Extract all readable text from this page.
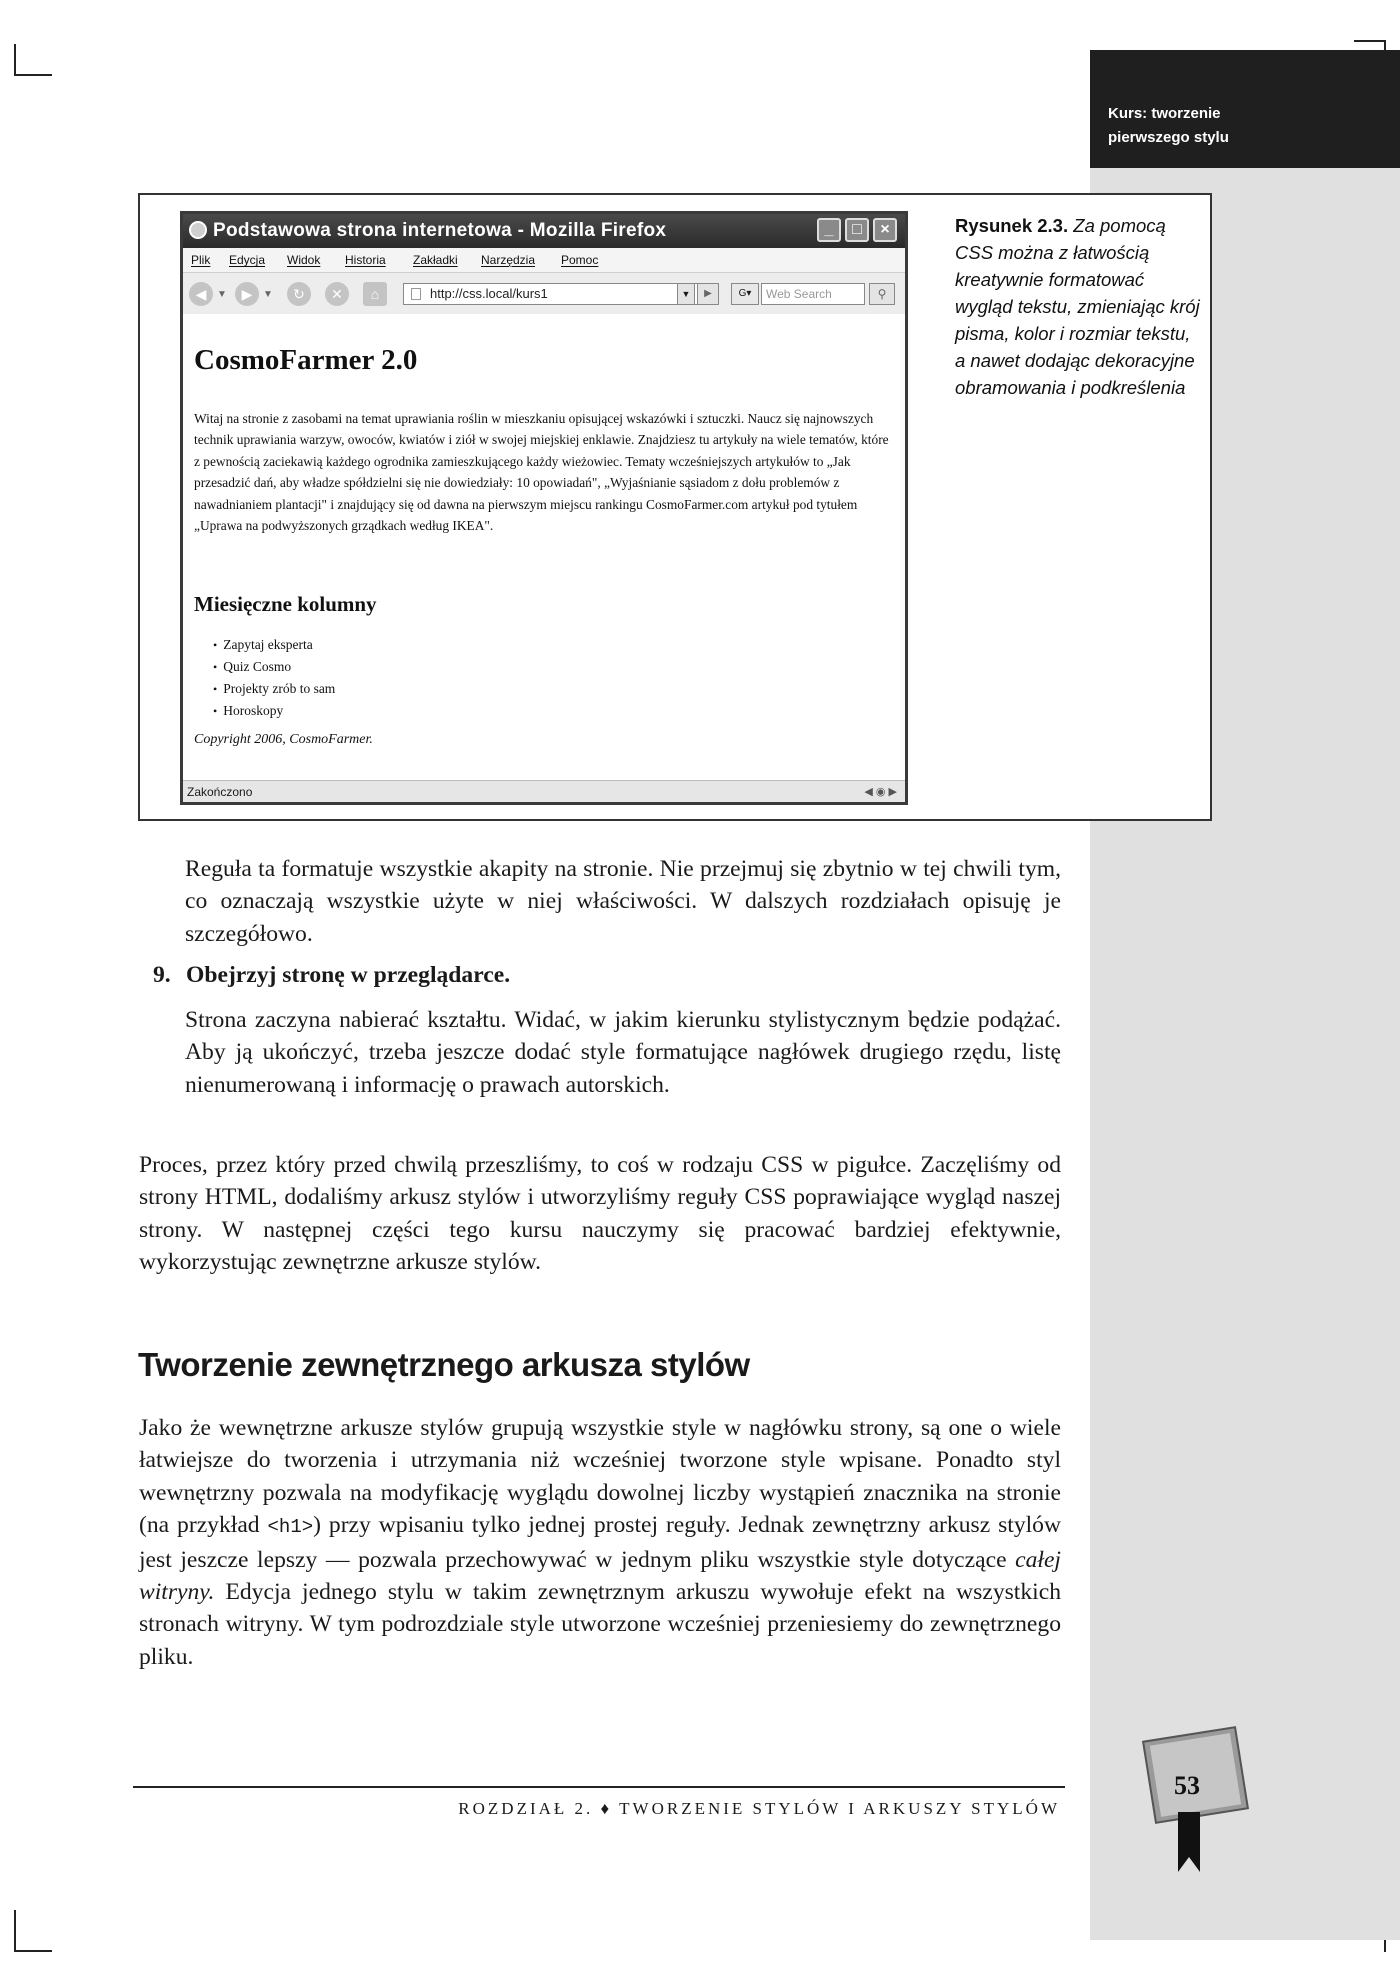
Kurs: tworzenie
pierwszego stylu
Podstawowa strona internetowa - Mozilla Firefox	_	□	×
Plik Edycja Widok Historia Zakładki Narzędzia Pomoc
◀	▼	▶	▼	↻	✕	⌂	http://css.local/kurs1	▼	▶	G▾	Web Search	⚲
CosmoFarmer 2.0

Witaj na stronie z zasobami na temat uprawiania roślin w mieszkaniu opisującej wskazówki i sztuczki. Naucz się najnowszych technik uprawiania warzyw, owoców, kwiatów i ziół w swojej miejskiej enklawie. Znajdziesz tu artykuły na wiele tematów, które z pewnością zaciekawią każdego ogrodnika zamieszkującego każdy wieżowiec. Tematy wcześniejszych artykułów to „Jak przesadzić dań, aby władze spółdzielni się nie dowiedziały: 10 opowiadań", „Wyjaśnianie sąsiadom z dołu problemów z nawadnianiem plantacji" i znajdujący się od dawna na pierwszym miejscu rankingu CosmoFarmer.com artykuł pod tytułem „Uprawa na podwyższonych grządkach według IKEA".

Miesięczne kolumny
• Zapytaj eksperta
• Quiz Cosmo
• Projekty zrób to sam
• Horoskopy

Copyright 2006, CosmoFarmer.

Zakończono	◀ ◉ ▶
Rysunek 2.3. Za pomocą CSS można z łatwością kreatywnie formatować wygląd tekstu, zmieniając krój pisma, kolor i rozmiar tekstu, a nawet dodając dekoracyjne obramowania i podkreślenia

Reguła ta formatuje wszystkie akapity na stronie. Nie przejmuj się zbytnio w tej chwili tym, co oznaczają wszystkie użyte w niej właściwości. W dalszych rozdziałach opisuję je szczegółowo.

9. Obejrzyj stronę w przeglądarce.

Strona zaczyna nabierać kształtu. Widać, w jakim kierunku stylistycznym będzie podążać. Aby ją ukończyć, trzeba jeszcze dodać style formatujące nagłówek drugiego rzędu, listę nienumerowaną i informację o prawach autorskich.

Proces, przez który przed chwilą przeszliśmy, to coś w rodzaju CSS w pigułce. Zaczęliśmy od strony HTML, dodaliśmy arkusz stylów i utworzyliśmy reguły CSS poprawiające wygląd naszej strony. W następnej części tego kursu nauczymy się pracować bardziej efektywnie, wykorzystując zewnętrzne arkusze stylów.

Tworzenie zewnętrznego arkusza stylów

Jako że wewnętrzne arkusze stylów grupują wszystkie style w nagłówku strony, są one o wiele łatwiejsze do tworzenia i utrzymania niż wcześniej tworzone style wpisane. Ponadto styl wewnętrzny pozwala na modyfikację wyglądu dowolnej liczby wystąpień znacznika na stronie (na przykład <h1>) przy wpisaniu tylko jednej prostej reguły. Jednak zewnętrzny arkusz stylów jest jeszcze lepszy — pozwala przechowywać w jednym pliku wszystkie style dotyczące całej witryny. Edycja jednego stylu w takim zewnętrznym arkuszu wywołuje efekt na wszystkich stronach witryny. W tym podrozdziale style utworzone wcześniej przeniesiemy do zewnętrznego pliku.

ROZDZIAŁ 2. ♦ TWORZENIE STYLÓW I ARKUSZY STYLÓW
53
